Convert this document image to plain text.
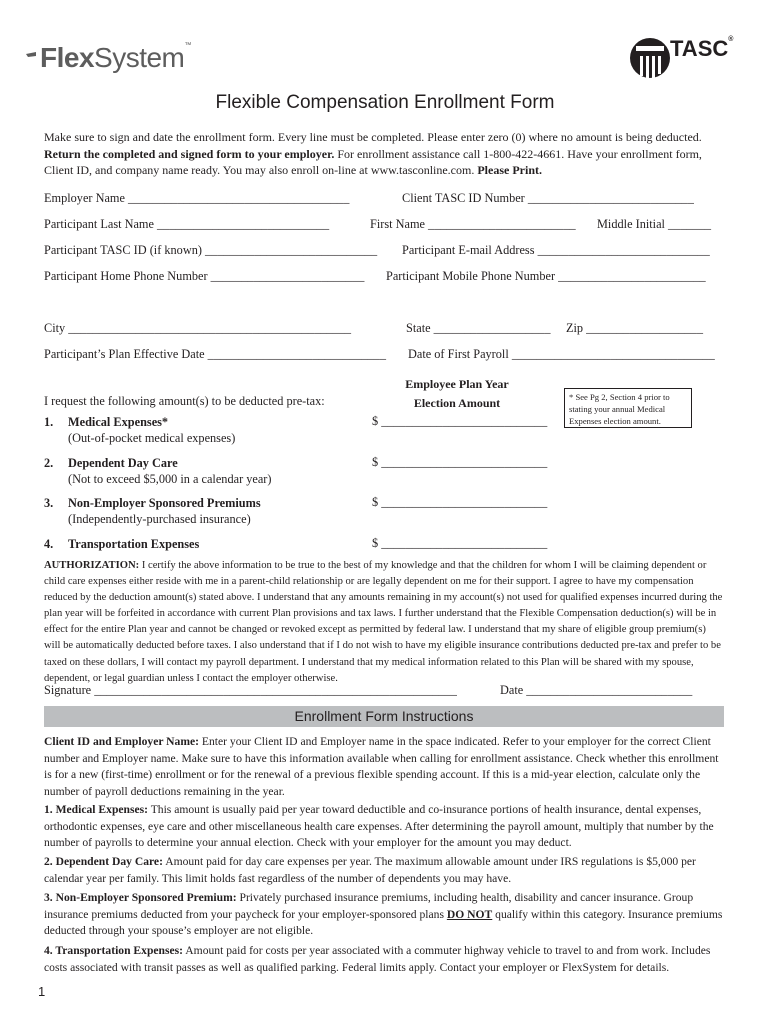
FlexSystem™	TASC®
Flexible Compensation Enrollment Form
Make sure to sign and date the enrollment form. Every line must be completed. Please enter zero (0) where no amount is being deducted.
Return the completed and signed form to your employer. For enrollment assistance call 1-800-422-4661. Have your enrollment form,
Client ID, and company name ready. You may also enroll on-line at www.tasconline.com. Please Print.
Employer Name ____________________________________	Client TASC ID Number ___________________________
Participant Last Name ____________________________	First Name ________________________ Middle Initial _______
Participant TASC ID (if known) ____________________________ Participant E-mail Address ____________________________
Participant Home Phone Number _________________________ Participant Mobile Phone Number ________________________
City ______________________________________________	State ___________________ Zip ___________________
Participant’s Plan Effective Date _____________________________ Date of First Payroll _________________________________
Employee Plan Year
Election Amount	* See Pg 2, Section 4 prior to stating your annual Medical Expenses election amount.
I request the following amount(s) to be deducted pre-tax:
1. Medical Expenses*
(Out-of-pocket medical expenses)
$ ___________________________
2. Dependent Day Care
(Not to exceed $5,000 in a calendar year)
$ ___________________________
3. Non-Employer Sponsored Premiums
(Independently-purchased insurance)
$ ___________________________
4. Transportation Expenses	$ ___________________________
AUTHORIZATION: I certify the above information to be true to the best of my knowledge and that the children for whom I will be claiming dependent or child care expenses either reside with me in a parent-child relationship or are legally dependent on me for their support. I agree to have my compensation reduced by the deduction amount(s) stated above. I understand that any amounts remaining in my account(s) not used for qualified expenses incurred during the plan year will be forfeited in accordance with current Plan provisions and tax laws. I further understand that the Flexible Compensation deduction(s) will be in effect for the entire Plan year and cannot be changed or revoked except as permitted by federal law. I understand that my share of eligible group premium(s) will be automatically deducted before taxes. I also understand that if I do not wish to have my eligible insurance contributions deducted pre-tax and prefer to be taxed on these dollars, I will contact my payroll department. I understand that my medical information related to this Plan will be shared with my spouse, dependent, or legal guardian unless I contact the employer otherwise.
Signature ___________________________________________________________	Date ___________________________
Enrollment Form Instructions
Client ID and Employer Name: Enter your Client ID and Employer name in the space indicated. Refer to your employer for the correct Client number and Employer name. Make sure to have this information available when calling for enrollment assistance. Check whether this enrollment is for a new (first-time) enrollment or for the renewal of a previous flexible spending account. If this is a mid-year election, calculate only the number of payroll deductions remaining in the year.
1. Medical Expenses: This amount is usually paid per year toward deductible and co-insurance portions of health insurance, dental expenses, orthodontic expenses, eye care and other miscellaneous health care expenses. After determining the payroll amount, multiply that number by the number of payrolls to determine your annual election. Check with your employer for the amount you may deduct.
2. Dependent Day Care: Amount paid for day care expenses per year. The maximum allowable amount under IRS regulations is $5,000 per calendar year per family. This limit holds fast regardless of the number of dependents you may have.
3. Non-Employer Sponsored Premium: Privately purchased insurance premiums, including health, disability and cancer insurance. Group insurance premiums deducted from your paycheck for your employer-sponsored plans DO NOT qualify within this category. Insurance premiums deducted through your spouse’s employer are not eligible.
4. Transportation Expenses: Amount paid for costs per year associated with a commuter highway vehicle to travel to and from work. Includes costs associated with transit passes as well as qualified parking. Federal limits apply. Contact your employer or FlexSystem for details.
1
